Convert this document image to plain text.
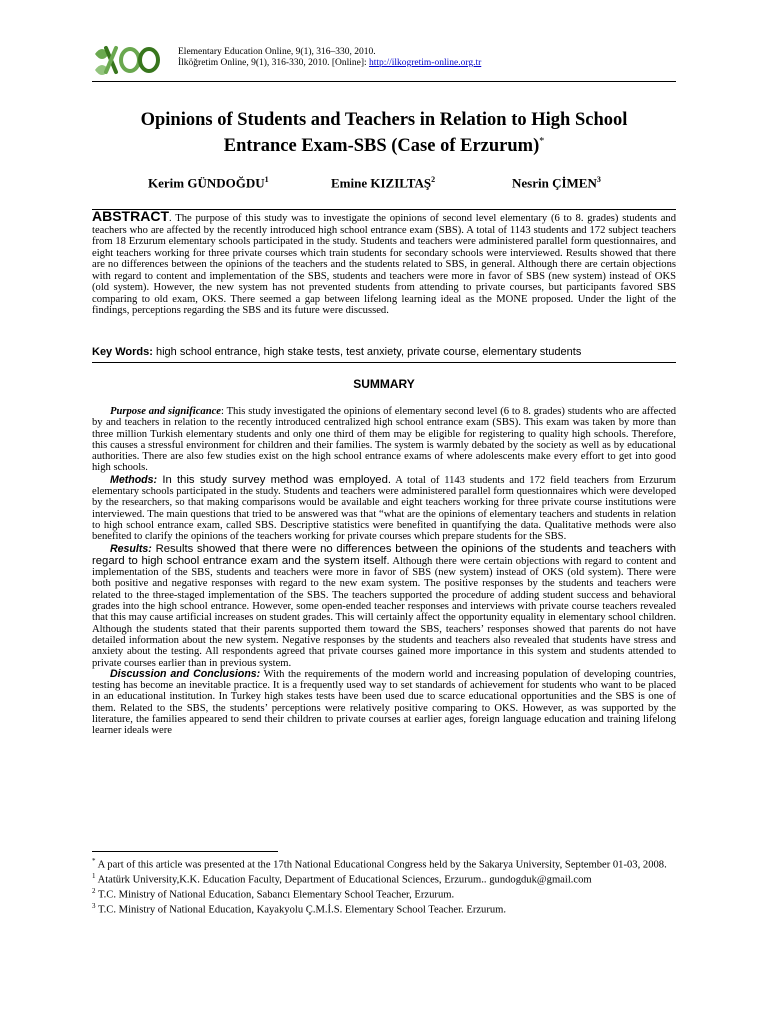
Elementary Education Online, 9(1), 316–330, 2010.
İlköğretim Online, 9(1), 316-330, 2010. [Online]: http://ilkogretim-online.org.tr
Opinions of Students and Teachers in Relation to High School
Entrance Exam-SBS (Case of Erzurum)*
Kerim GÜNDOĞDU$^1$	Emine KIZILTAŞ$^2$	Nesrin ÇİMEN$^3$
ABSTRACT. The purpose of this study was to investigate the opinions of second level elementary (6 to 8. grades) students and teachers who are affected by the recently introduced high school entrance exam (SBS). A total of 1143 students and 172 subject teachers from 18 Erzurum elementary schools participated in the study. Students and teachers were administered parallel form questionnaires, and eight teachers working for three private courses which train students for secondary schools were interviewed. Results showed that there are no differences between the opinions of the teachers and the students related to SBS, in general. Although there are certain objections with regard to content and implementation of the SBS, students and teachers were more in favor of SBS (new system) instead of OKS (old system). However, the new system has not prevented students from attending to private courses, but participants favored SBS comparing to old exam, OKS. There seemed a gap between lifelong learning ideal as the MONE proposed. Under the light of the findings, perceptions regarding the SBS and its future were discussed.
Key Words: high school entrance, high stake tests, test anxiety, private course, elementary students
SUMMARY

Purpose and significance: This study investigated the opinions of elementary second level (6 to 8. grades) students who are affected by and teachers in relation to the recently introduced centralized high school entrance exam (SBS). This exam was taken by more than three million Turkish elementary students and only one third of them may be eligible for registering to quality high schools. Therefore, this causes a stressful environment for children and their families. The system is warmly debated by the society as well as by educational authorities. There are also few studies exist on the high school entrance exams of where adolescents make every effort to get into good high schools.

Methods: In this study survey method was employed. A total of 1143 students and 172 field teachers from Erzurum elementary schools participated in the study. Students and teachers were administered parallel form questionnaires which were developed by the researchers, so that making comparisons would be available and eight teachers working for three private course institutions were interviewed. The main questions that tried to be answered was that “what are the opinions of elementary teachers and students in relation to high school entrance exam, called SBS. Descriptive statistics were benefited in quantifying the data. Qualitative methods were also benefited to clarify the opinions of the teachers working for private courses which prepare students for the SBS.

Results: Results showed that there were no differences between the opinions of the students and teachers with regard to high school entrance exam and the system itself. Although there were certain objections with regard to content and implementation of the SBS, students and teachers were more in favor of SBS (new system) instead of OKS (old system). There were both positive and negative responses with regard to the new exam system. The positive responses by the students and teachers were related to the three-staged implementation of the SBS. The teachers supported the procedure of adding student success and behavioral grades into the high school entrance. However, some open-ended teacher responses and interviews with private course teachers revealed that this may cause artificial increases on student grades. This will certainly affect the opportunity equality in elementary school children. Although the students stated that their parents supported them toward the SBS, teachers’ responses showed that parents do not have detailed information about the new system. Negative responses by the students and teachers also revealed that students have stress and anxiety about the testing. All respondents agreed that private courses gained more importance in this system and students attended to private courses earlier than in previous system.

Discussion and Conclusions: With the requirements of the modern world and increasing population of developing countries, testing has become an inevitable practice. It is a frequently used way to set standards of achievement for students who want to be placed in an educational institution. In Turkey high stakes tests have been used due to scarce educational opportunities and the SBS is one of them. Related to the SBS, the students’ perceptions were relatively positive comparing to OKS. However, as was supported by the literature, the families appeared to send their children to private courses at earlier ages, foreign language education and training lifelong learner ideals were

* A part of this article was presented at the 17th National Educational Congress held by the Sakarya University, September 01-03, 2008.
$^1$ Atatürk University,K.K. Education Faculty, Department of Educational Sciences, Erzurum.. gundogduk@gmail.com
$^2$ T.C. Ministry of National Education, Sabancı Elementary School Teacher, Erzurum.
$^3$ T.C. Ministry of National Education, Kayakyolu Ç.M.İ.S. Elementary School Teacher. Erzurum.
